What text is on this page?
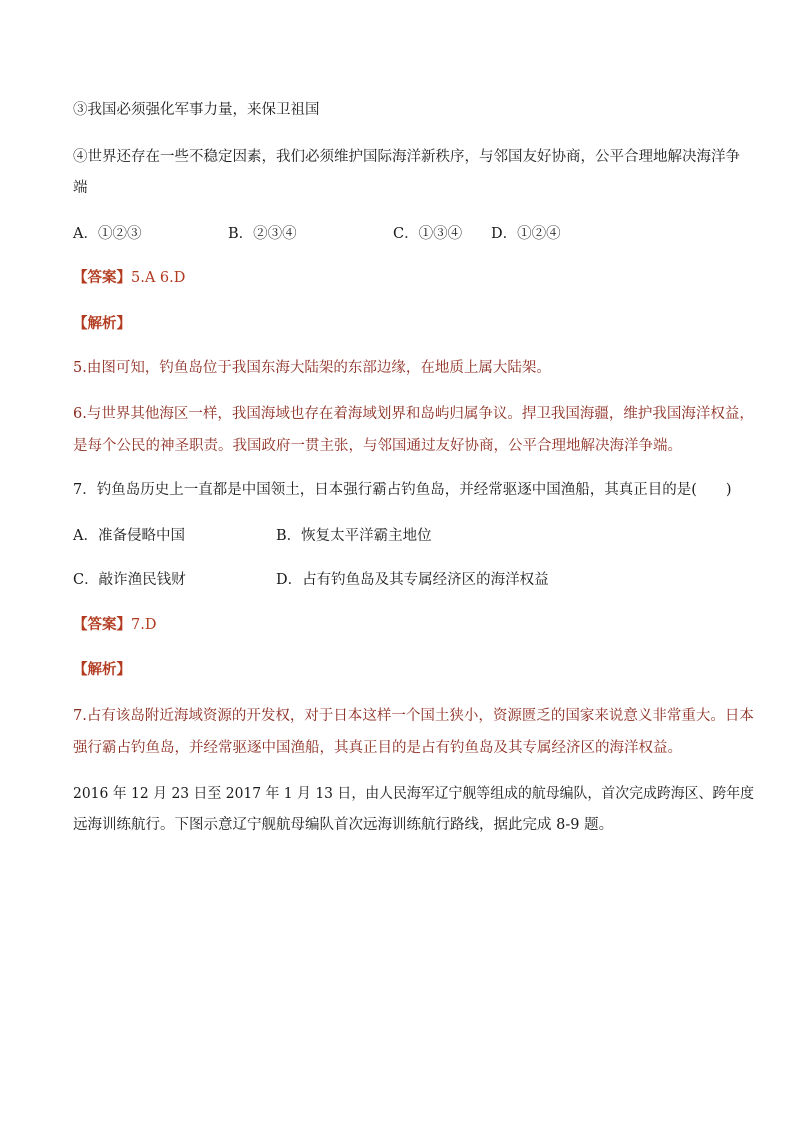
③我国必须强化军事力量，来保卫祖国
④世界还存在一些不稳定因素，我们必须维护国际海洋新秩序，与邻国友好协商，公平合理地解决海洋争
端
A．①②③	B．②③④	C．①③④ D．①②④
【答案】5.A 6.D
【解析】
5.由图可知，钓鱼岛位于我国东海大陆架的东部边缘，在地质上属大陆架。
6.与世界其他海区一样，我国海域也存在着海域划界和岛屿归属争议。捍卫我国海疆，维护我国海洋权益，
是每个公民的神圣职责。我国政府一贯主张，与邻国通过友好协商，公平合理地解决海洋争端。
7．钓鱼岛历史上一直都是中国领土，日本强行霸占钓鱼岛，并经常驱逐中国渔船，其真正目的是(　　)
A．准备侵略中国	B．恢复太平洋霸主地位
C．敲诈渔民钱财	D．占有钓鱼岛及其专属经济区的海洋权益
【答案】7.D
【解析】
7.占有该岛附近海域资源的开发权，对于日本这样一个国土狭小，资源匮乏的国家来说意义非常重大。日本
强行霸占钓鱼岛，并经常驱逐中国渔船，其真正目的是占有钓鱼岛及其专属经济区的海洋权益。
2016 年 12 月 23 日至 2017 年 1 月 13 日，由人民海军辽宁舰等组成的航母编队，首次完成跨海区、跨年度
远海训练航行。下图示意辽宁舰航母编队首次远海训练航行路线，据此完成 8-9 题。
